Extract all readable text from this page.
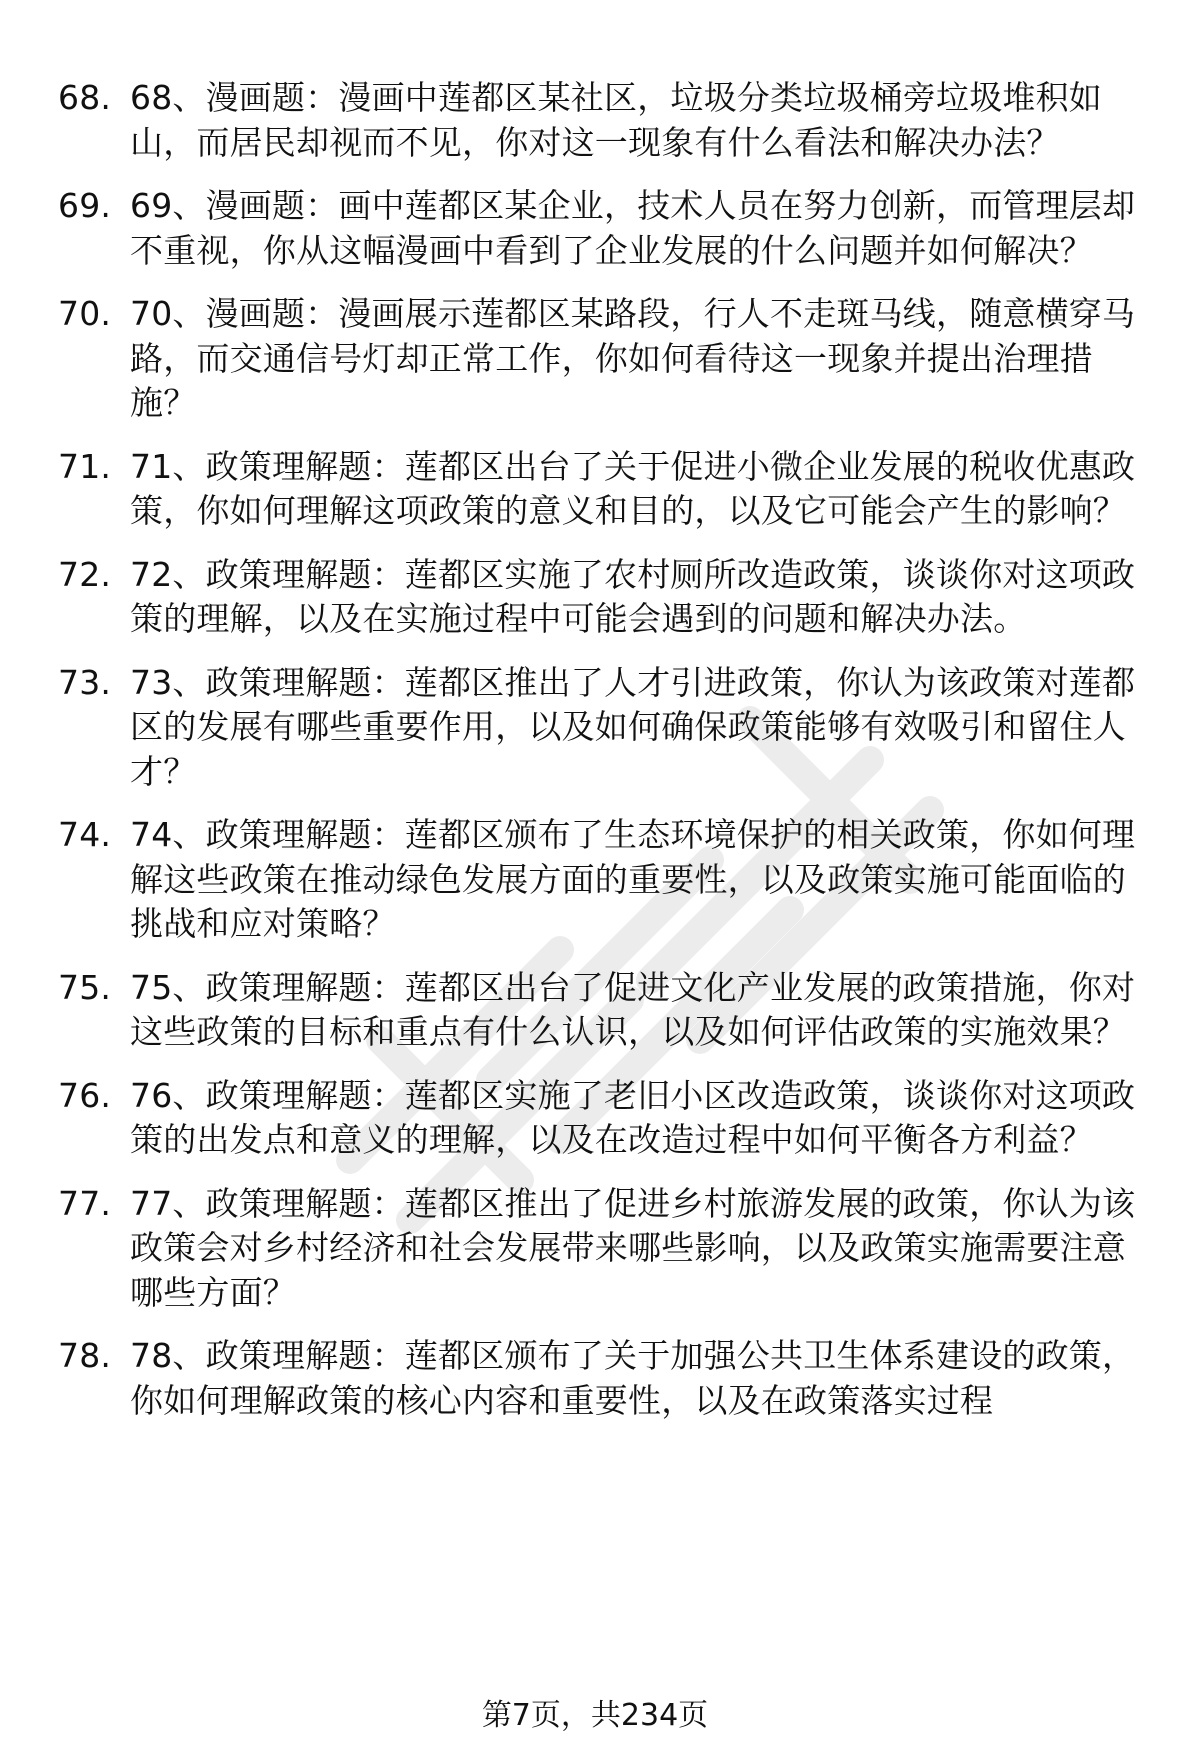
68. 68、漫画题：漫画中莲都区某社区，垃圾分类垃圾桶旁垃圾堆积如山，而居民却视而不见，你对这一现象有什么看法和解决办法？
69. 69、漫画题：画中莲都区某企业，技术人员在努力创新，而管理层却不重视，你从这幅漫画中看到了企业发展的什么问题并如何解决？
70. 70、漫画题：漫画展示莲都区某路段，行人不走斑马线，随意横穿马路，而交通信号灯却正常工作，你如何看待这一现象并提出治理措施？
71. 71、政策理解题：莲都区出台了关于促进小微企业发展的税收优惠政策，你如何理解这项政策的意义和目的，以及它可能会产生的影响？
72. 72、政策理解题：莲都区实施了农村厕所改造政策，谈谈你对这项政策的理解，以及在实施过程中可能会遇到的问题和解决办法。
73. 73、政策理解题：莲都区推出了人才引进政策，你认为该政策对莲都区的发展有哪些重要作用，以及如何确保政策能够有效吸引和留住人才？
74. 74、政策理解题：莲都区颁布了生态环境保护的相关政策，你如何理解这些政策在推动绿色发展方面的重要性，以及政策实施可能面临的挑战和应对策略？
75. 75、政策理解题：莲都区出台了促进文化产业发展的政策措施，你对这些政策的目标和重点有什么认识，以及如何评估政策的实施效果？
76. 76、政策理解题：莲都区实施了老旧小区改造政策，谈谈你对这项政策的出发点和意义的理解，以及在改造过程中如何平衡各方利益？
77. 77、政策理解题：莲都区推出了促进乡村旅游发展的政策，你认为该政策会对乡村经济和社会发展带来哪些影响，以及政策实施需要注意哪些方面？
78. 78、政策理解题：莲都区颁布了关于加强公共卫生体系建设的政策，你如何理解政策的核心内容和重要性，以及在政策落实过程
第7页，共234页
